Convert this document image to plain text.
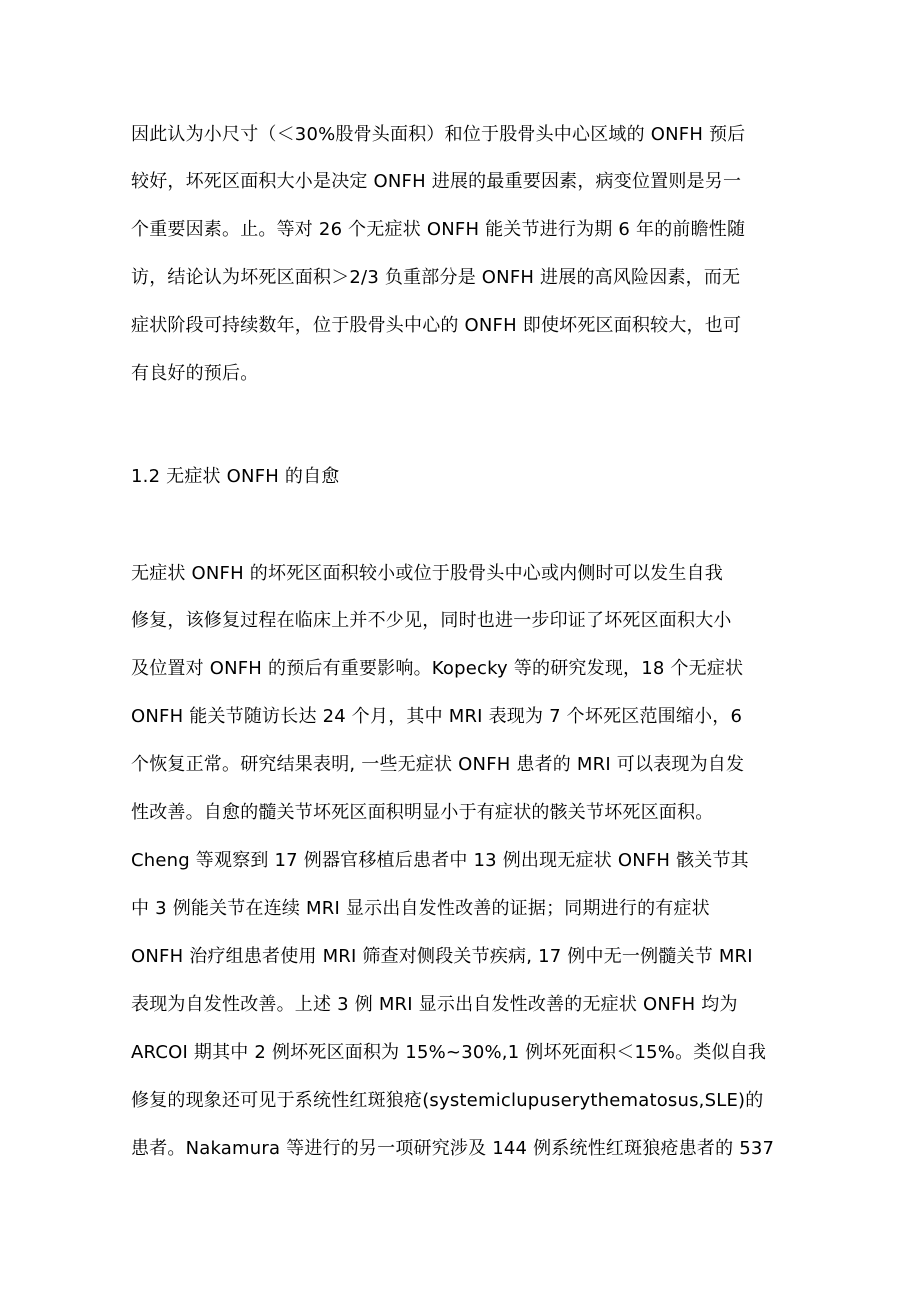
因此认为小尺寸（＜30%股骨头面积）和位于股骨头中心区域的 ONFH 预后
较好，坏死区面积大小是决定 ONFH 进展的最重要因素，病变位置则是另一
个重要因素。止。等对 26 个无症状 ONFH 能关节进行为期 6 年的前瞻性随
访，结论认为坏死区面积＞2/3 负重部分是 ONFH 进展的高风险因素，而无
症状阶段可持续数年，位于股骨头中心的 ONFH 即使坏死区面积较大，也可
有良好的预后。
1.2 无症状 ONFH 的自愈
无症状 ONFH 的坏死区面积较小或位于股骨头中心或内侧时可以发生自我
修复，该修复过程在临床上并不少见，同时也进一步印证了坏死区面积大小
及位置对 ONFH 的预后有重要影响。Kopecky 等的研究发现，18 个无症状
ONFH 能关节随访长达 24 个月，其中 MRI 表现为 7 个坏死区范围缩小，6
个恢复正常。研究结果表明, 一些无症状 ONFH 患者的 MRI 可以表现为自发
性改善。自愈的髓关节坏死区面积明显小于有症状的骸关节坏死区面积。
Cheng 等观察到 17 例器官移植后患者中 13 例出现无症状 ONFH 骸关节其
中 3 例能关节在连续 MRI 显示出自发性改善的证据；同期进行的有症状
ONFH 治疗组患者使用 MRI 筛查对侧段关节疾病, 17 例中无一例髓关节 MRI
表现为自发性改善。上述 3 例 MRI 显示出自发性改善的无症状 ONFH 均为
ARCOI 期其中 2 例坏死区面积为 15%~30%,1 例坏死面积＜15%。类似自我
修复的现象还可见于系统性红斑狼疮(systemiclupuserythematosus,SLE)的
患者。Nakamura 等进行的另一项研究涉及 144 例系统性红斑狼疮患者的 537
